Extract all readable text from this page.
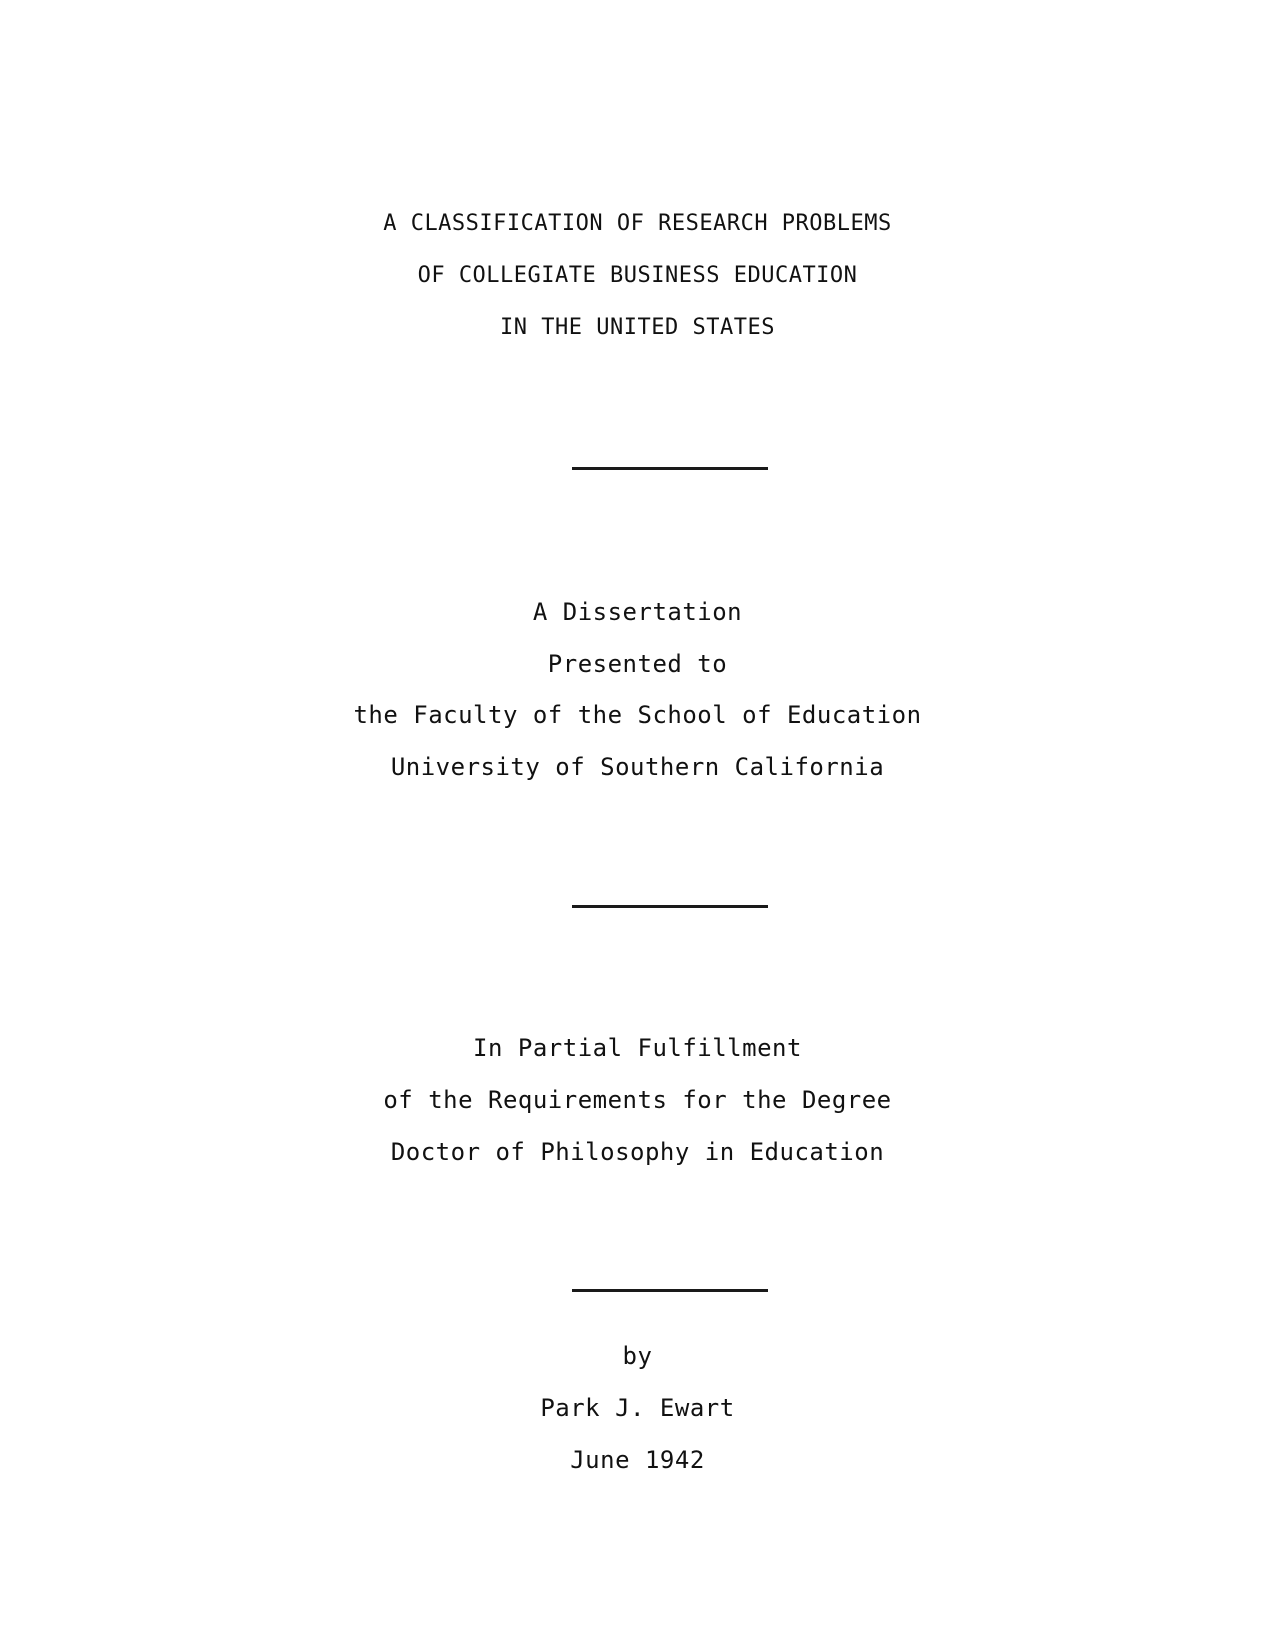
A CLASSIFICATION OF RESEARCH PROBLEMS
OF COLLEGIATE BUSINESS EDUCATION
IN THE UNITED STATES
A Dissertation
Presented to
the Faculty of the School of Education
University of Southern California
In Partial Fulfillment
of the Requirements for the Degree
Doctor of Philosophy in Education
by
Park J. Ewart
June 1942
